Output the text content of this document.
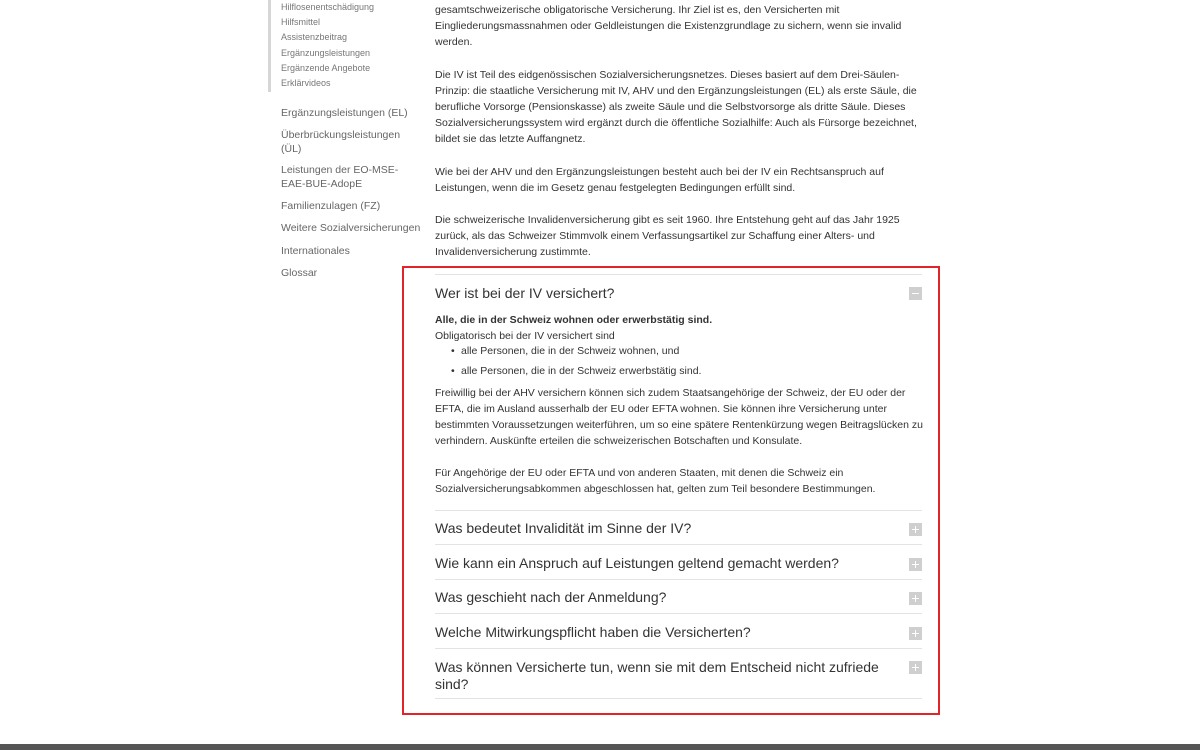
Hilflosenentschädigung
Hilfsmittel
Assistenzbeitrag
Ergänzungsleistungen
Ergänzende Angebote
Erklärvideos
Ergänzungsleistungen (EL)
Überbrückungsleistungen (ÜL)
Leistungen der EO-MSE-EAE-BUE-AdopE
Familienzulagen (FZ)
Weitere Sozialversicherungen
Internationales
Glossar

gesamtschweizerische obligatorische Versicherung. Ihr Ziel ist es, den Versicherten mit Eingliederungsmassnahmen oder Geldleistungen die Existenzgrundlage zu sichern, wenn sie invalid werden.

Die IV ist Teil des eidgenössischen Sozialversicherungsnetzes. Dieses basiert auf dem Drei-Säulen-Prinzip: die staatliche Versicherung mit IV, AHV und den Ergänzungsleistungen (EL) als erste Säule, die berufliche Vorsorge (Pensionskasse) als zweite Säule und die Selbstvorsorge als dritte Säule. Dieses Sozialversicherungssystem wird ergänzt durch die öffentliche Sozialhilfe: Auch als Fürsorge bezeichnet, bildet sie das letzte Auffangnetz.

Wie bei der AHV und den Ergänzungsleistungen besteht auch bei der IV ein Rechtsanspruch auf Leistungen, wenn die im Gesetz genau festgelegten Bedingungen erfüllt sind.

Die schweizerische Invalidenversicherung gibt es seit 1960. Ihre Entstehung geht auf das Jahr 1925 zurück, als das Schweizer Stimmvolk einem Verfassungsartikel zur Schaffung einer Alters- und Invalidenversicherung zustimmte.

Wer ist bei der IV versichert?

Alle, die in der Schweiz wohnen oder erwerbstätig sind.

Obligatorisch bei der IV versichert sind

• alle Personen, die in der Schweiz wohnen, und
• alle Personen, die in der Schweiz erwerbstätig sind.

Freiwillig bei der AHV versichern können sich zudem Staatsangehörige der Schweiz, der EU oder der EFTA, die im Ausland ausserhalb der EU oder EFTA wohnen. Sie können ihre Versicherung unter bestimmten Voraussetzungen weiterführen, um so eine spätere Rentenkürzung wegen Beitragslücken zu verhindern. Auskünfte erteilen die schweizerischen Botschaften und Konsulate.

Für Angehörige der EU oder EFTA und von anderen Staaten, mit denen die Schweiz ein Sozialversicherungsabkommen abgeschlossen hat, gelten zum Teil besondere Bestimmungen.

Was bedeutet Invalidität im Sinne der IV?
Wie kann ein Anspruch auf Leistungen geltend gemacht werden?
Was geschieht nach der Anmeldung?
Welche Mitwirkungspflicht haben die Versicherten?
Was können Versicherte tun, wenn sie mit dem Entscheid nicht zufriede sind?
